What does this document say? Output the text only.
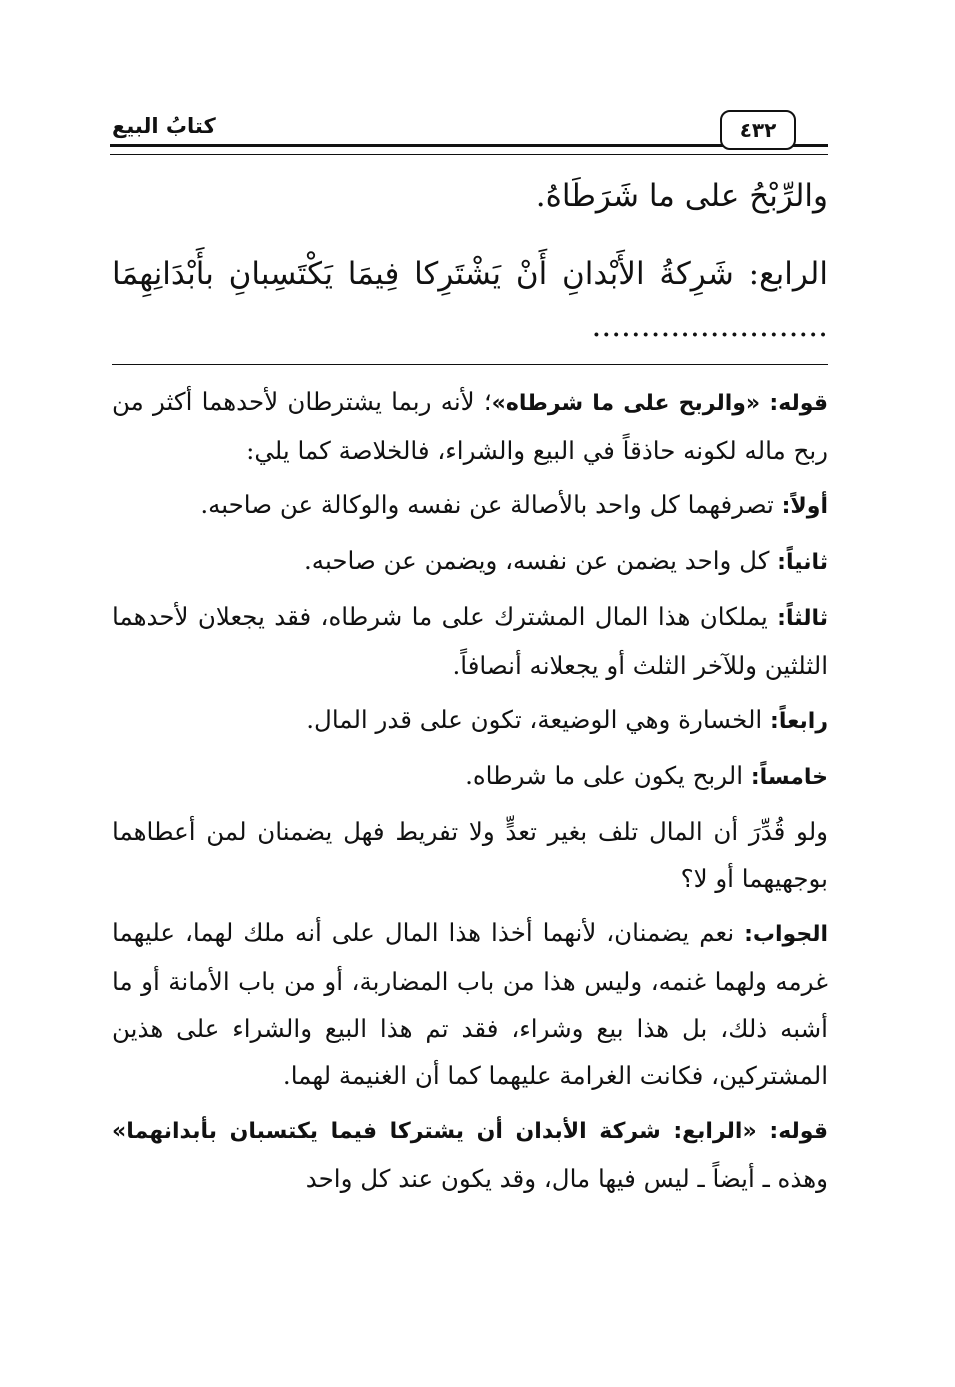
كتابُ البيع	٤٣٢

والرِّبْحُ على ما شَرَطَاهُ.

الرابع: شَرِكةُ الأَبْدانِ أَنْ يَشْتَرِكا فِيمَا يَكْتَسِبانِ بأَبْدَانِهِمَا ........................

قوله: «والربح على ما شرطاه»؛ لأنه ربما يشترطان لأحدهما أكثر من ربح ماله لكونه حاذقاً في البيع والشراء، فالخلاصة كما يلي:

أولاً: تصرفهما كل واحد بالأصالة عن نفسه والوكالة عن صاحبه.

ثانياً: كل واحد يضمن عن نفسه، ويضمن عن صاحبه.

ثالثاً: يملكان هذا المال المشترك على ما شرطاه، فقد يجعلان لأحدهما الثلثين وللآخر الثلث أو يجعلانه أنصافاً.

رابعاً: الخسارة وهي الوضيعة، تكون على قدر المال.

خامساً: الربح يكون على ما شرطاه.

ولو قُدِّرَ أن المال تلف بغير تعدٍّ ولا تفريط فهل يضمنان لمن أعطاهما بوجهيهما أو لا؟

الجواب: نعم يضمنان، لأنهما أخذا هذا المال على أنه ملك لهما، عليهما غرمه ولهما غنمه، وليس هذا من باب المضاربة، أو من باب الأمانة أو ما أشبه ذلك، بل هذا بيع وشراء، فقد تم هذا البيع والشراء على هذين المشتركين، فكانت الغرامة عليهما كما أن الغنيمة لهما.

قوله: «الرابع: شركة الأبدان أن يشتركا فيما يكتسبان بأبدانهما» وهذه ـ أيضاً ـ ليس فيها مال، وقد يكون عند كل واحد
